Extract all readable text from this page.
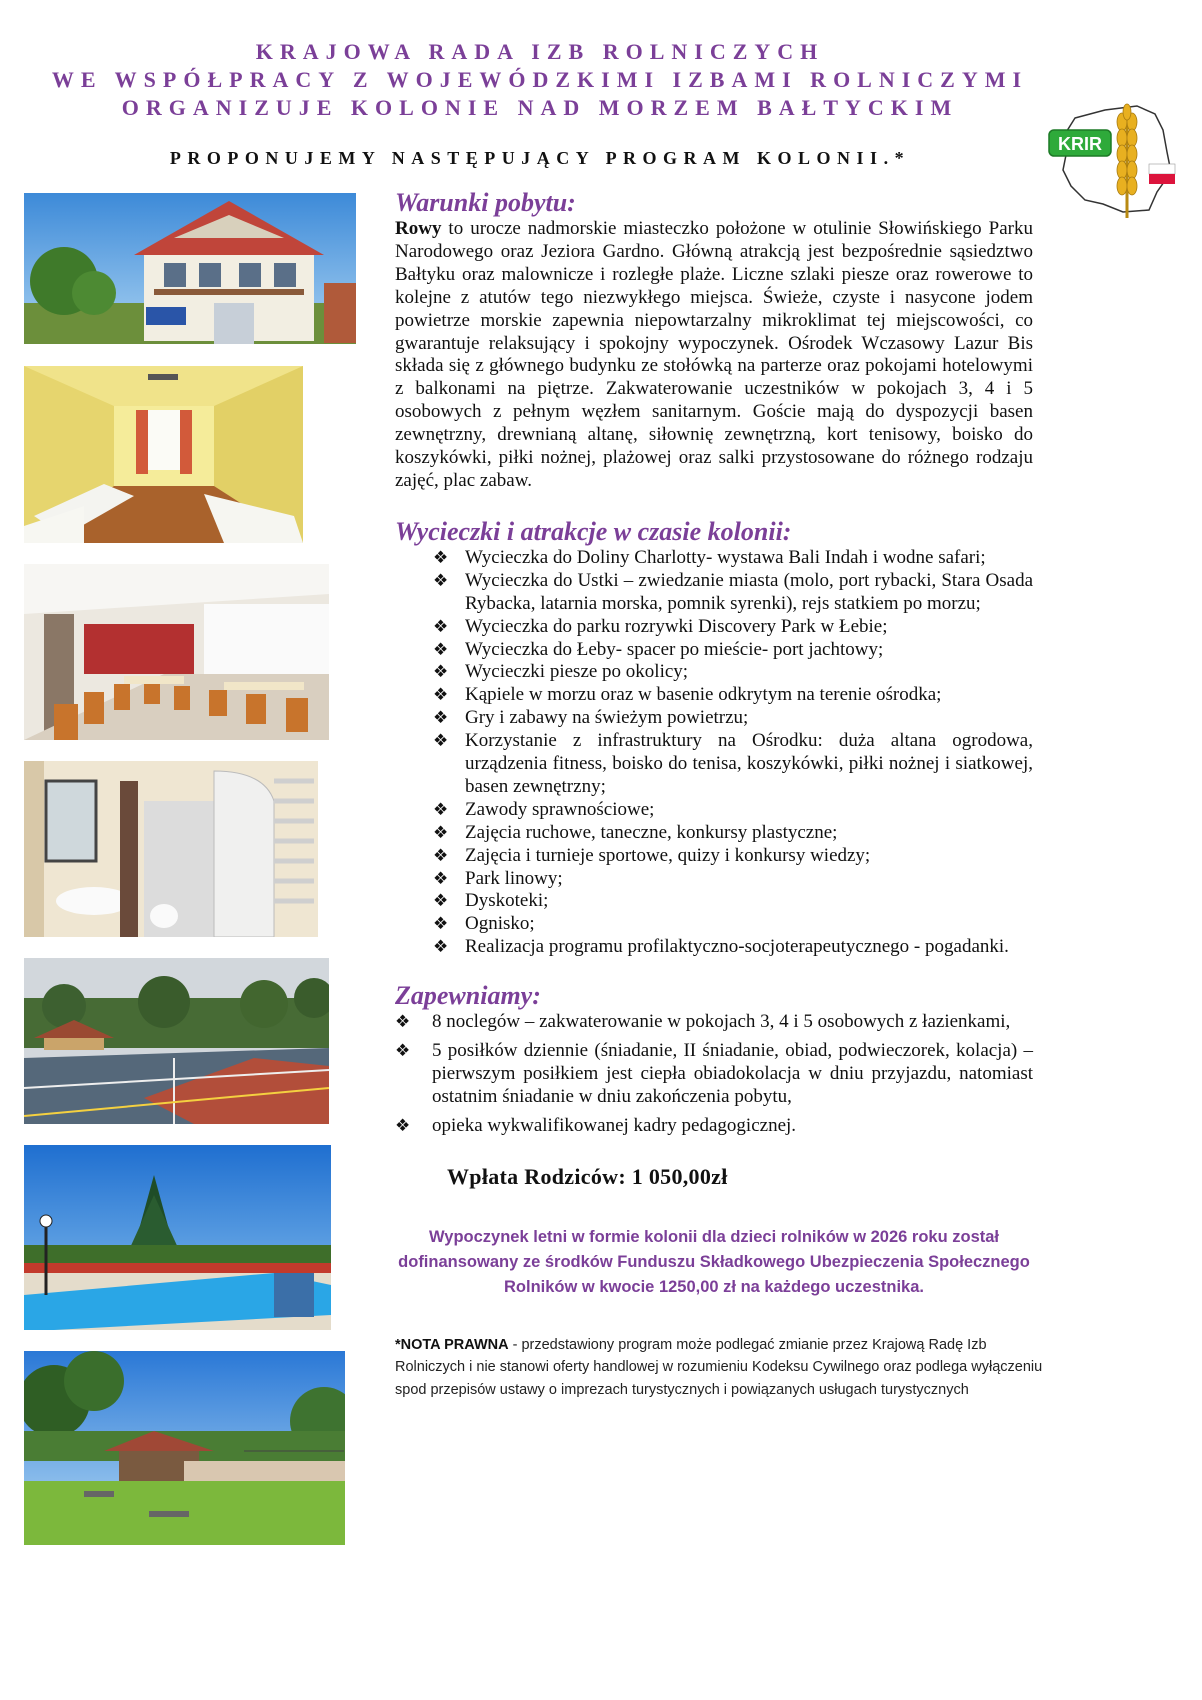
KRAJOWA RADA IZB ROLNICZYCH

WE WSPÓŁPRACY Z WOJEWÓDZKIMI IZBAMI ROLNICZYMI

ORGANIZUJE KOLONIE NAD MORZEM BAŁTYCKIM

PROPONUJEMY NASTĘPUJĄCY PROGRAM KOLONII.*
KRIR
Warunki pobytu:

Rowy to urocze nadmorskie miasteczko położone w otulinie Słowińskiego Parku Narodowego oraz Jeziora Gardno. Główną atrakcją jest bezpośrednie sąsiedztwo Bałtyku oraz malownicze i rozległe plaże. Liczne szlaki piesze oraz rowerowe to kolejne z atutów tego niezwykłego miejsca. Świeże, czyste i nasycone jodem powietrze morskie zapewnia niepowtarzalny mikroklimat tej miejscowości, co gwarantuje relaksujący i spokojny wypoczynek. Ośrodek Wczasowy Lazur Bis składa się z głównego budynku ze stołówką na parterze oraz pokojami hotelowymi z balkonami na piętrze. Zakwaterowanie uczestników w pokojach 3, 4 i 5 osobowych z pełnym węzłem sanitarnym. Goście mają do dyspozycji basen zewnętrzny, drewnianą altanę, siłownię zewnętrzną, kort tenisowy, boisko do koszykówki, piłki nożnej, plażowej oraz salki przystosowane do różnego rodzaju zajęć, plac zabaw.

Wycieczki i atrakcje w czasie kolonii:
❖ Wycieczka do Doliny Charlotty- wystawa Bali Indah i wodne safari;
❖ Wycieczka do Ustki – zwiedzanie miasta (molo, port rybacki, Stara Osada Rybacka, latarnia morska, pomnik syrenki), rejs statkiem po morzu;
❖ Wycieczka do parku rozrywki Discovery Park w Łebie;
❖ Wycieczka do Łeby- spacer po mieście- port jachtowy;
❖ Wycieczki piesze po okolicy;
❖ Kąpiele w morzu oraz w basenie odkrytym na terenie ośrodka;
❖ Gry i zabawy na świeżym powietrzu;
❖ Korzystanie z infrastruktury na Ośrodku: duża altana ogrodowa, urządzenia fitness, boisko do tenisa, koszykówki, piłki nożnej i siatkowej, basen zewnętrzny;
❖ Zawody sprawnościowe;
❖ Zajęcia ruchowe, taneczne, konkursy plastyczne;
❖ Zajęcia i turnieje sportowe, quizy i konkursy wiedzy;
❖ Park linowy;
❖ Dyskoteki;
❖ Ognisko;
❖ Realizacja programu profilaktyczno-socjoterapeutycznego - pogadanki.
Zapewniamy:
❖ 8 noclegów – zakwaterowanie w pokojach 3, 4 i 5 osobowych z łazienkami,
❖ 5 posiłków dziennie (śniadanie, II śniadanie, obiad, podwieczorek, kolacja) – pierwszym posiłkiem jest ciepła obiadokolacja w dniu przyjazdu, natomiast ostatnim śniadanie w dniu zakończenia pobytu,
❖ opieka wykwalifikowanej kadry pedagogicznej.
Wpłata Rodziców: 1 050,00zł
Wypoczynek letni w formie kolonii dla dzieci rolników w 2026 roku został dofinansowany ze środków Funduszu Składkowego Ubezpieczenia Społecznego Rolników w kwocie 1250,00 zł na każdego uczestnika.
*NOTA PRAWNA - przedstawiony program może podlegać zmianie przez Krajową Radę Izb Rolniczych i nie stanowi oferty handlowej w rozumieniu Kodeksu Cywilnego oraz podlega wyłączeniu spod przepisów ustawy o imprezach turystycznych i powiązanych usługach turystycznych
